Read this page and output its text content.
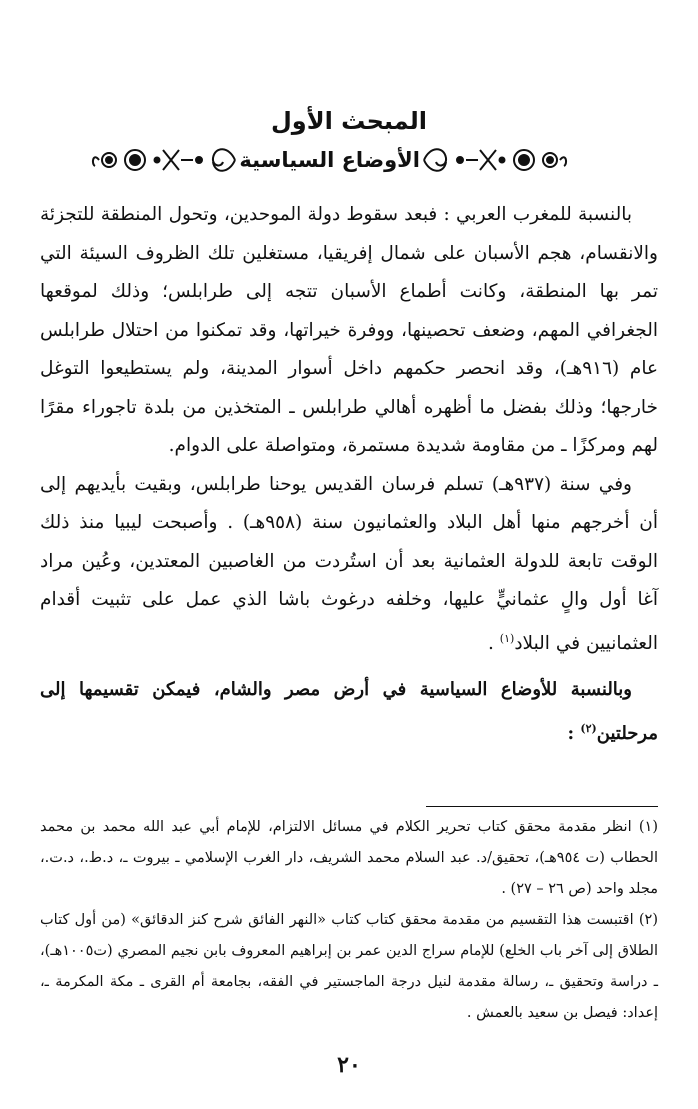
المبحث الأول
الأوضاع السياسية

بالنسبة للمغرب العربي : فبعد سقوط دولة الموحدين، وتحول المنطقة للتجزئة والانقسام، هجم الأسبان على شمال إفريقيا، مستغلين تلك الظروف السيئة التي تمر بها المنطقة، وكانت أطماع الأسبان تتجه إلى طرابلس؛ وذلك لموقعها الجغرافي المهم، وضعف تحصينها، ووفرة خيراتها، وقد تمكنوا من احتلال طرابلس عام (٩١٦هـ)، وقد انحصر حكمهم داخل أسوار المدينة، ولم يستطيعوا التوغل خارجها؛ وذلك بفضل ما أظهره أهالي طرابلس ـ المتخذين من بلدة تاجوراء مقرًا لهم ومركزًا ـ من مقاومة شديدة مستمرة، ومتواصلة على الدوام.

وفي سنة (٩٣٧هـ) تسلم فرسان القديس يوحنا طرابلس، وبقيت بأيديهم إلى أن أخرجهم منها أهل البلاد والعثمانيون سنة (٩٥٨هـ) . وأصبحت ليبيا منذ ذلك الوقت تابعة للدولة العثمانية بعد أن استُردت من الغاصبين المعتدين، وعُين مراد آغا أول والٍ عثمانيٍّ عليها، وخلفه درغوث باشا الذي عمل على تثبيت أقدام العثمانيين في البلاد$^{(١)}$ .

وبالنسبة للأوضاع السياسية في أرض مصر والشام، فيمكن تقسيمها إلى مرحلتين$^{(٢)}$ :

(١) انظر مقدمة محقق كتاب تحرير الكلام في مسائل الالتزام، للإمام أبي عبد الله محمد بن محمد الحطاب (ت ٩٥٤هـ)، تحقيق/د. عبد السلام محمد الشريف، دار الغرب الإسلامي ـ بيروت ـ، د.ط.، د.ت.، مجلد واحد (ص ٢٦ – ٢٧) .

(٢) اقتبست هذا التقسيم من مقدمة محقق كتاب كتاب «النهر الفائق شرح كنز الدقائق» (من أول كتاب الطلاق إلى آخر باب الخلع) للإمام سراج الدين عمر بن إبراهيم المعروف بابن نجيم المصري (ت١٠٠٥هـ)، ـ دراسة وتحقيق ـ، رسالة مقدمة لنيل درجة الماجستير في الفقه، بجامعة أم القرى ـ مكة المكرمة ـ، إعداد: فيصل بن سعيد بالعمش .

٢٠
